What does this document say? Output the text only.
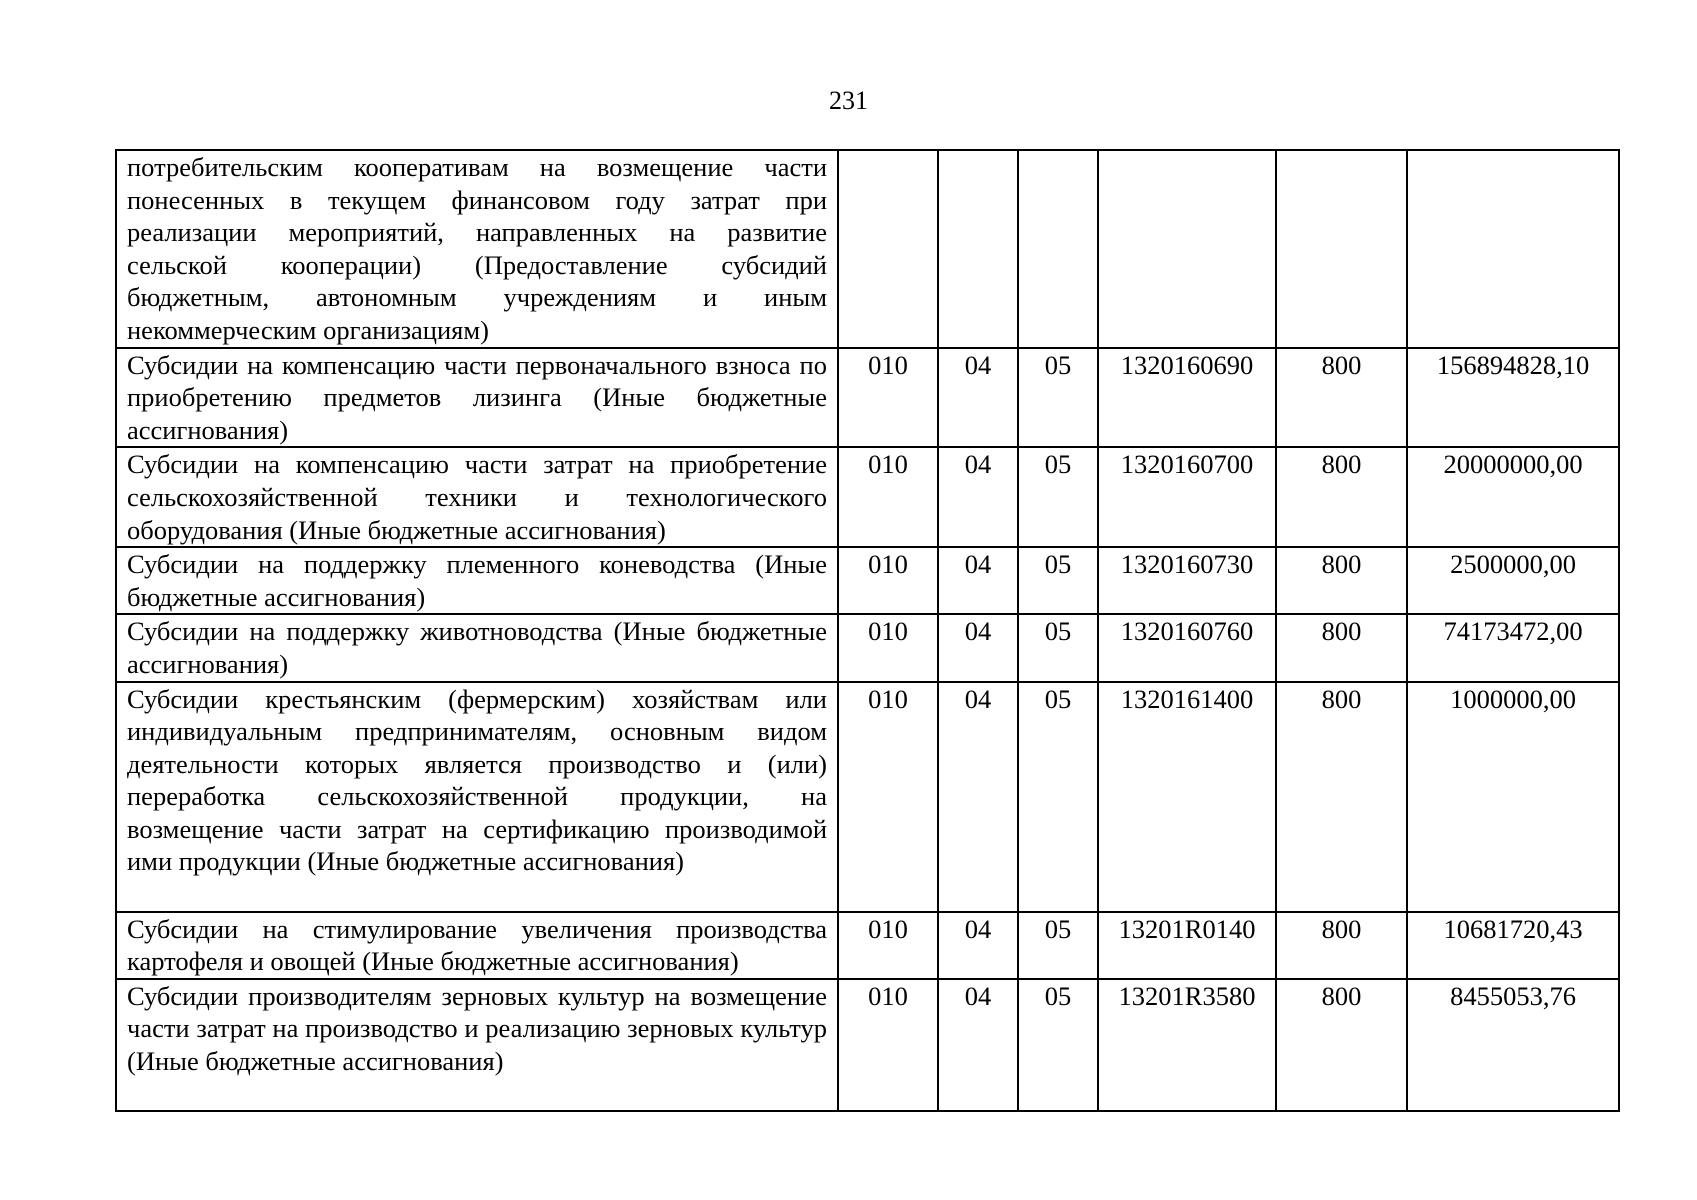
231
потребительским кооперативам на возмещение части понесенных в текущем финансовом году затрат при реализации мероприятий, направленных на развитие сельской кооперации) (Предоставление субсидий бюджетным, автономным учреждениям и иным некоммерческим организациям)						
Субсидии на компенсацию части первоначального взноса по приобретению предметов лизинга (Иные бюджетные ассигнования)	010	04	05	1320160690	800	156894828,10
Субсидии на компенсацию части затрат на приобретение сельскохозяйственной техники и технологического оборудования (Иные бюджетные ассигнования)	010	04	05	1320160700	800	20000000,00
Субсидии на поддержку племенного коневодства (Иные бюджетные ассигнования)	010	04	05	1320160730	800	2500000,00
Субсидии на поддержку животноводства (Иные бюджетные ассигнования)	010	04	05	1320160760	800	74173472,00
Субсидии крестьянским (фермерским) хозяйствам или индивидуальным предпринимателям, основным видом деятельности которых является производство и (или) переработка сельскохозяйственной продукции, на возмещение части затрат на сертификацию производимой ими продукции (Иные бюджетные ассигнования)	010	04	05	1320161400	800	1000000,00
Субсидии на стимулирование увеличения производства картофеля и овощей (Иные бюджетные ассигнования)	010	04	05	13201R0140	800	10681720,43
Субсидии производителям зерновых культур на возмещение части затрат на производство и реализацию зерновых культур (Иные бюджетные ассигнования)	010	04	05	13201R3580	800	8455053,76
